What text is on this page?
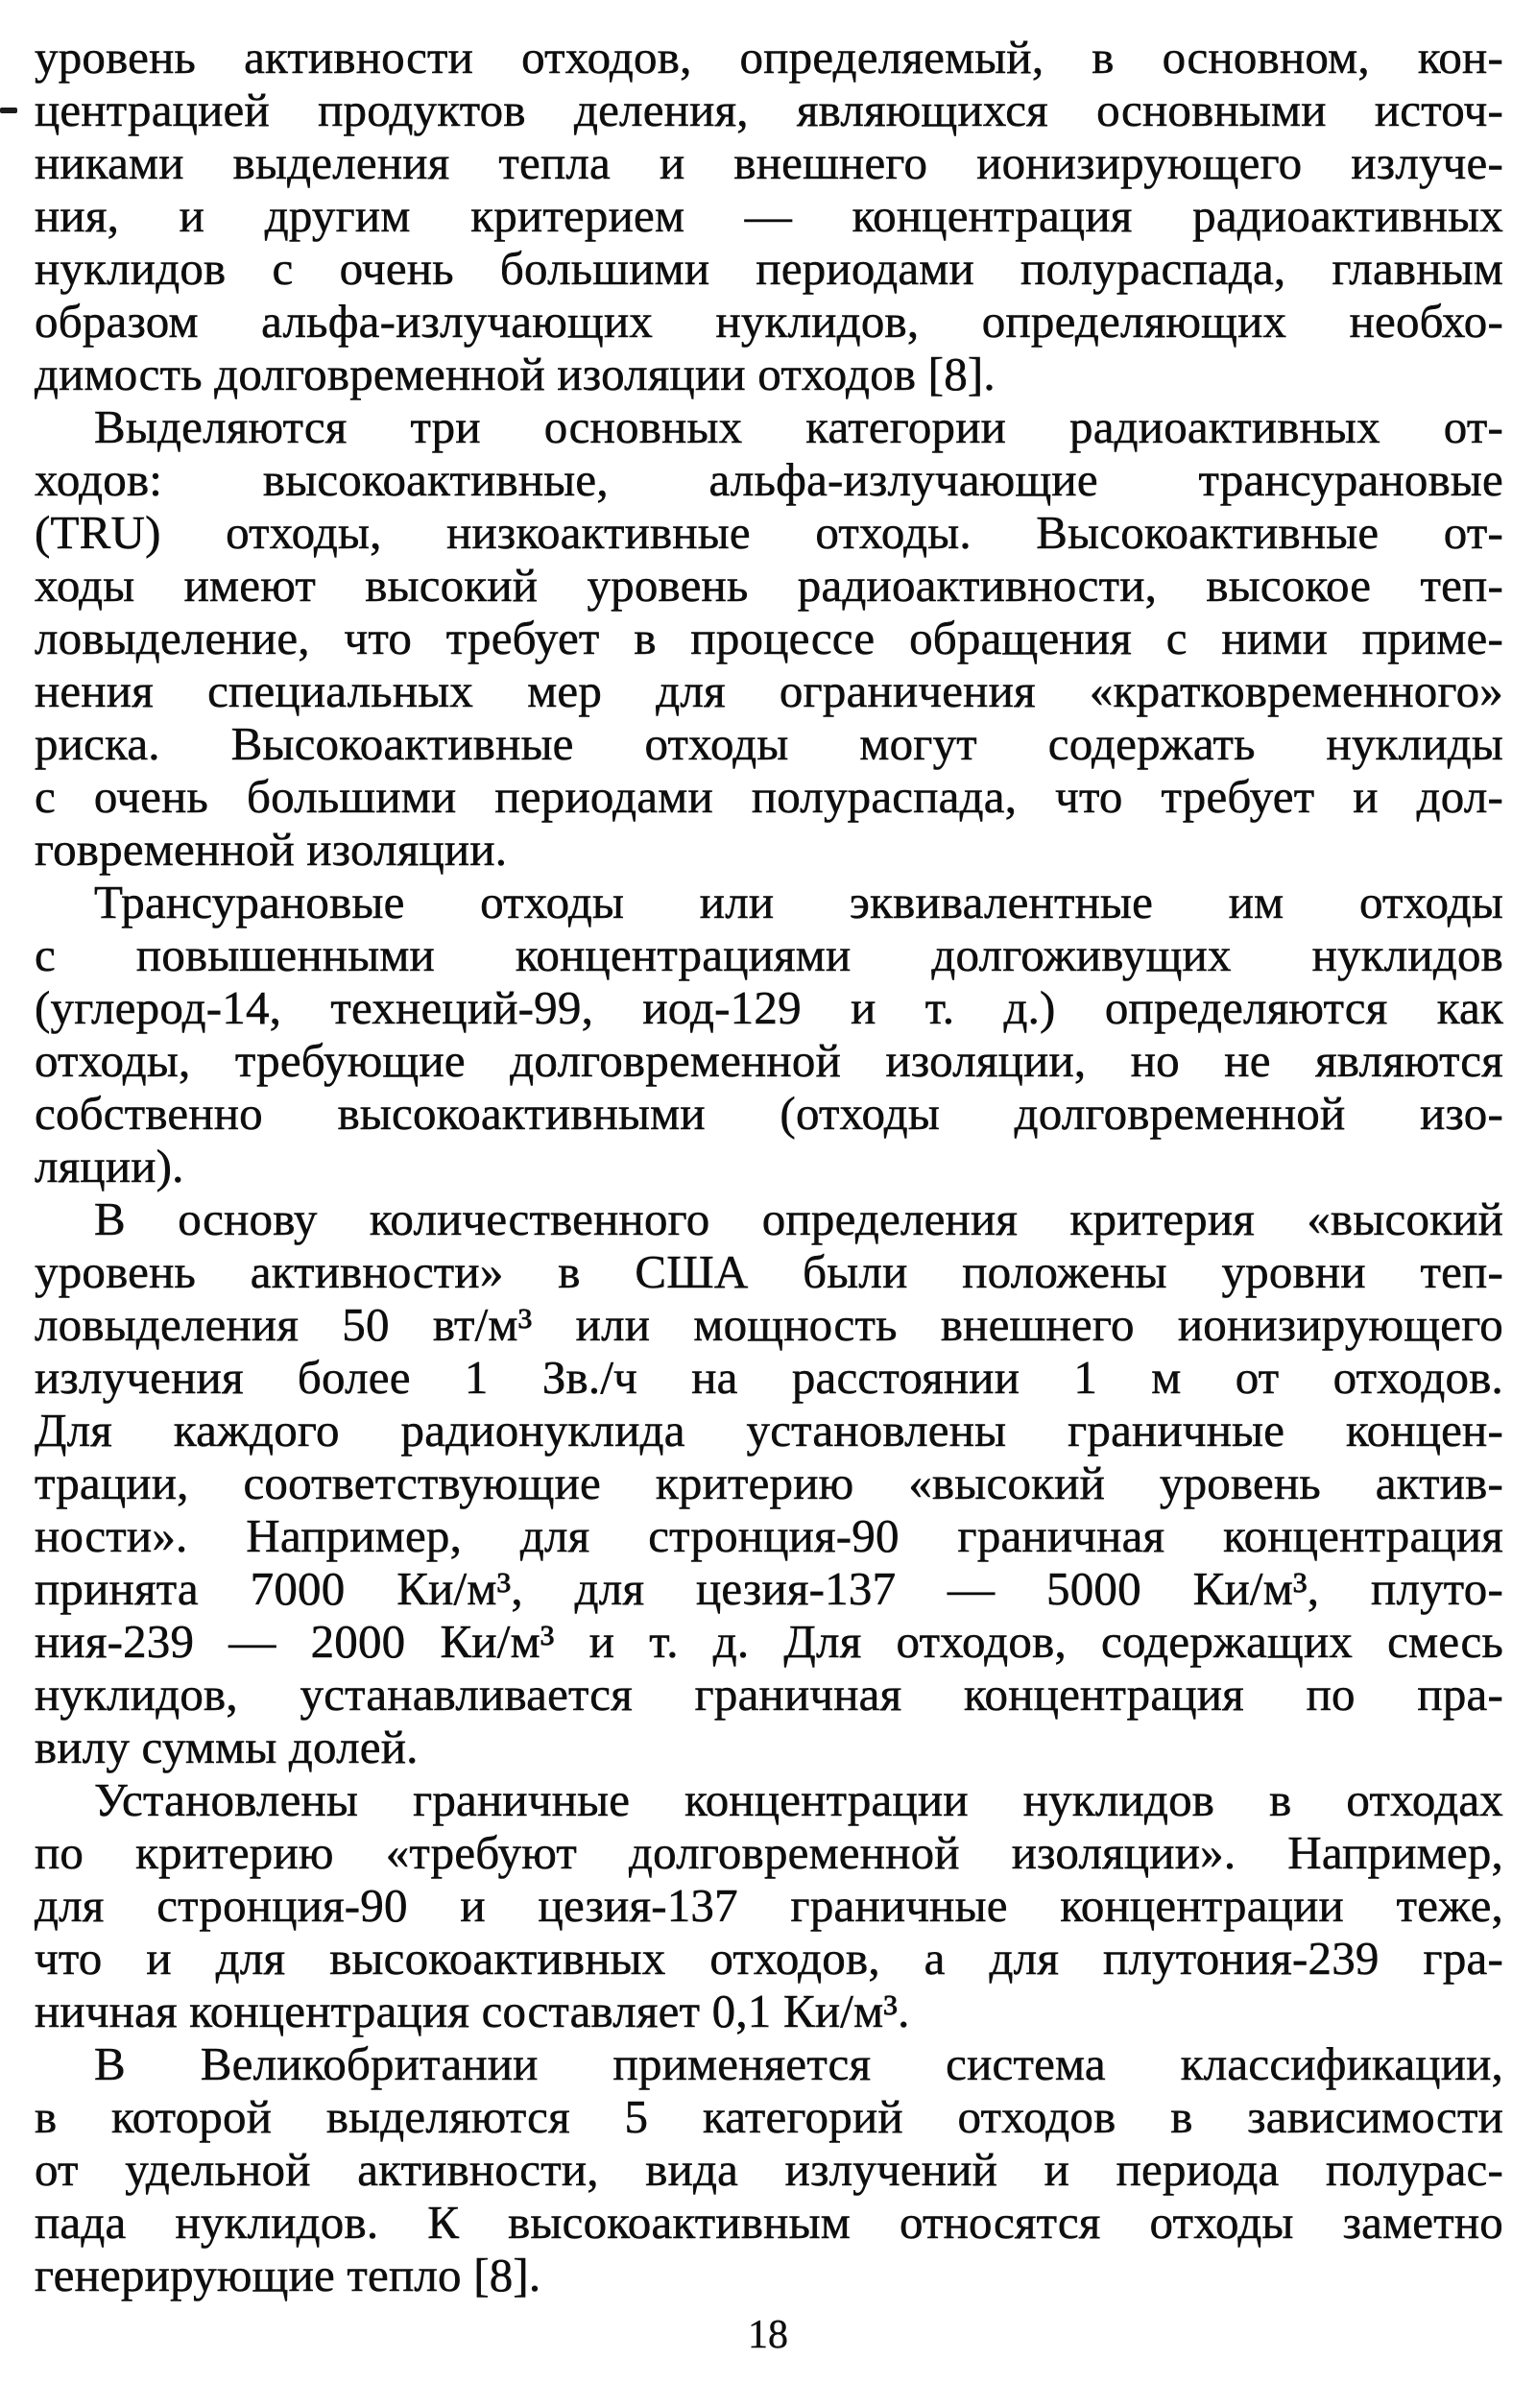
уровень активности отходов, определяемый, в основном, кон-
центрацией продуктов деления, являющихся основными источ-
никами выделения тепла и внешнего ионизирующего излуче-
ния, и другим критерием — концентрация радиоактивных
нуклидов с очень большими периодами полураспада, главным
образом альфа-излучающих нуклидов, определяющих необхо-
димость долговременной изоляции отходов [8].
Выделяются три основных категории радиоактивных от-
ходов: высокоактивные, альфа-излучающие трансурановые
(TRU) отходы, низкоактивные отходы. Высокоактивные от-
ходы имеют высокий уровень радиоактивности, высокое теп-
ловыделение, что требует в процессе обращения с ними приме-
нения специальных мер для ограничения «кратковременного»
риска. Высокоактивные отходы могут содержать нуклиды
с очень большими периодами полураспада, что требует и дол-
говременной изоляции.
Трансурановые отходы или эквивалентные им отходы
с повышенными концентрациями долгоживущих нуклидов
(углерод-14, технеций-99, иод-129 и т. д.) определяются как
отходы, требующие долговременной изоляции, но не являются
собственно высокоактивными (отходы долговременной изо-
ляции).
В основу количественного определения критерия «высокий
уровень активности» в США были положены уровни теп-
ловыделения 50 вт/м³ или мощность внешнего ионизирующего
излучения более 1 Зв./ч на расстоянии 1 м от отходов.
Для каждого радионуклида установлены граничные концен-
трации, соответствующие критерию «высокий уровень актив-
ности». Например, для стронция-90 граничная концентрация
принята 7000 Ки/м³, для цезия-137 — 5000 Ки/м³, плуто-
ния-239 — 2000 Ки/м³ и т. д. Для отходов, содержащих смесь
нуклидов, устанавливается граничная концентрация по пра-
вилу суммы долей.
Установлены граничные концентрации нуклидов в отходах
по критерию «требуют долговременной изоляции». Например,
для стронция-90 и цезия-137 граничные концентрации теже,
что и для высокоактивных отходов, а для плутония-239 гра-
ничная концентрация составляет 0,1 Ки/м³.
В Великобритании применяется система классификации,
в которой выделяются 5 категорий отходов в зависимости
от удельной активности, вида излучений и периода полурас-
пада нуклидов. К высокоактивным относятся отходы заметно
генерирующие тепло [8].
18
